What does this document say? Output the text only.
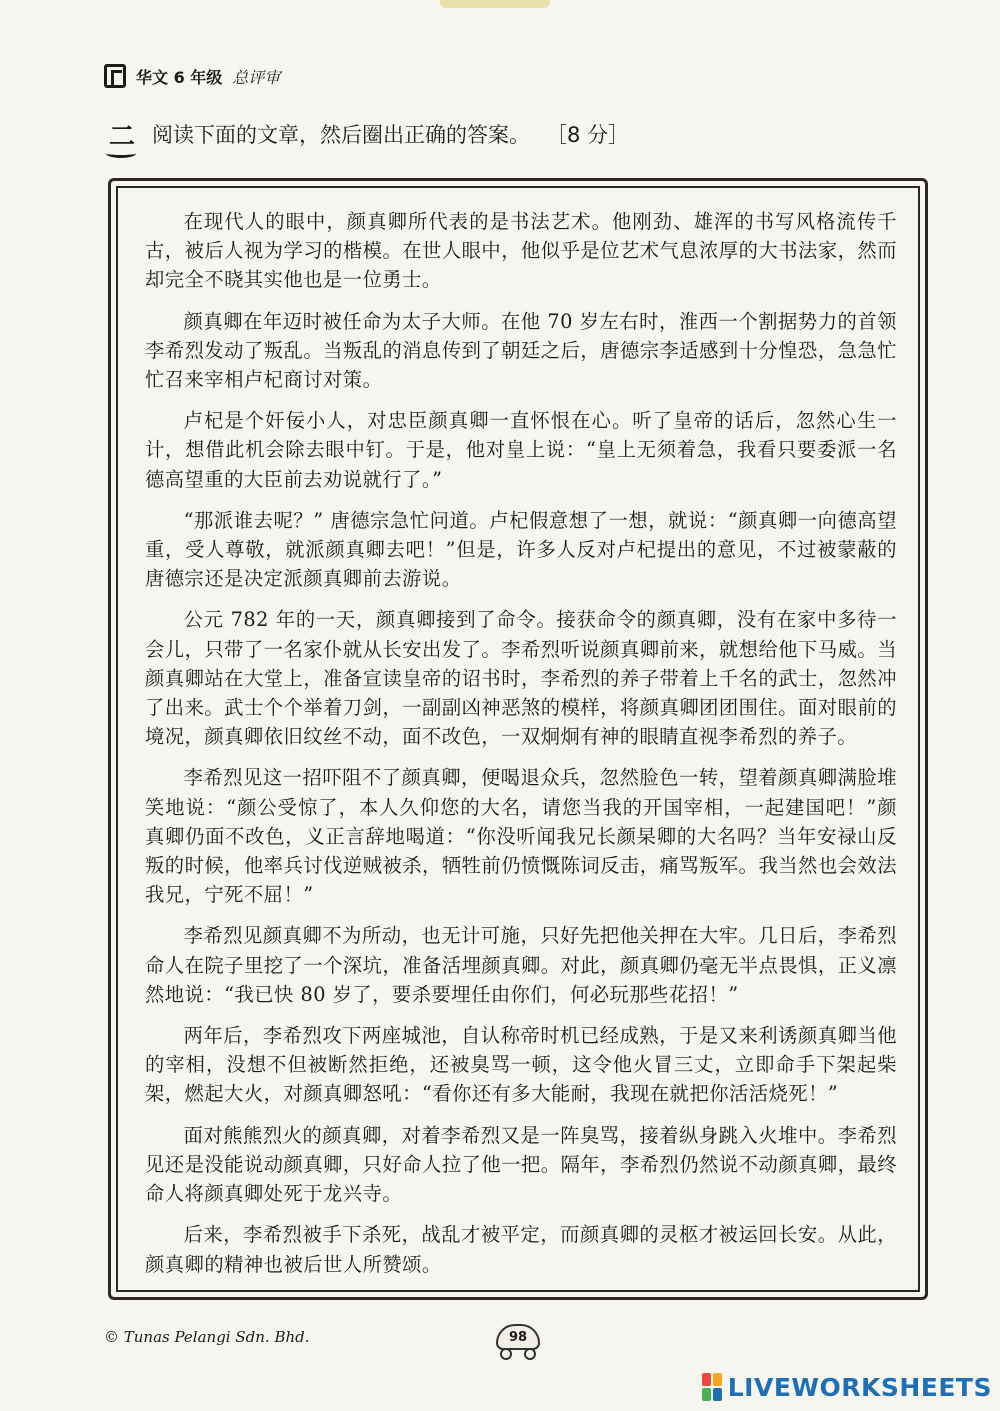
华文 6 年级 总评审
二 阅读下面的文章，然后圈出正确的答案。 ［8 分］

在现代人的眼中，颜真卿所代表的是书法艺术。他刚劲、雄浑的书写风格流传千古，被后人视为学习的楷模。在世人眼中，他似乎是位艺术气息浓厚的大书法家，然而却完全不晓其实他也是一位勇士。

颜真卿在年迈时被任命为太子大师。在他 70 岁左右时，淮西一个割据势力的首领李希烈发动了叛乱。当叛乱的消息传到了朝廷之后，唐德宗李适感到十分惶恐，急急忙忙召来宰相卢杞商讨对策。

卢杞是个奸佞小人，对忠臣颜真卿一直怀恨在心。听了皇帝的话后，忽然心生一计，想借此机会除去眼中钉。于是，他对皇上说：“皇上无须着急，我看只要委派一名德高望重的大臣前去劝说就行了。”

“那派谁去呢？” 唐德宗急忙问道。卢杞假意想了一想，就说：“颜真卿一向德高望重，受人尊敬，就派颜真卿去吧！”但是，许多人反对卢杞提出的意见，不过被蒙蔽的唐德宗还是决定派颜真卿前去游说。

公元 782 年的一天，颜真卿接到了命令。接获命令的颜真卿，没有在家中多待一会儿，只带了一名家仆就从长安出发了。李希烈听说颜真卿前来，就想给他下马威。当颜真卿站在大堂上，准备宣读皇帝的诏书时，李希烈的养子带着上千名的武士，忽然冲了出来。武士个个举着刀剑，一副副凶神恶煞的模样，将颜真卿团团围住。面对眼前的境况，颜真卿依旧纹丝不动，面不改色，一双炯炯有神的眼睛直视李希烈的养子。

李希烈见这一招吓阻不了颜真卿，便喝退众兵，忽然脸色一转，望着颜真卿满脸堆笑地说：“颜公受惊了，本人久仰您的大名，请您当我的开国宰相，一起建国吧！”颜真卿仍面不改色，义正言辞地喝道：“你没听闻我兄长颜杲卿的大名吗？当年安禄山反叛的时候，他率兵讨伐逆贼被杀，牺牲前仍愤慨陈词反击，痛骂叛军。我当然也会效法我兄，宁死不屈！”

李希烈见颜真卿不为所动，也无计可施，只好先把他关押在大牢。几日后，李希烈命人在院子里挖了一个深坑，准备活埋颜真卿。对此，颜真卿仍毫无半点畏惧，正义凛然地说：“我已快 80 岁了，要杀要埋任由你们，何必玩那些花招！”

两年后，李希烈攻下两座城池，自认称帝时机已经成熟，于是又来利诱颜真卿当他的宰相，没想不但被断然拒绝，还被臭骂一顿，这令他火冒三丈，立即命手下架起柴架，燃起大火，对颜真卿怒吼：“看你还有多大能耐，我现在就把你活活烧死！”

面对熊熊烈火的颜真卿，对着李希烈又是一阵臭骂，接着纵身跳入火堆中。李希烈见还是没能说动颜真卿，只好命人拉了他一把。隔年，李希烈仍然说不动颜真卿，最终命人将颜真卿处死于龙兴寺。

后来，李希烈被手下杀死，战乱才被平定，而颜真卿的灵柩才被运回长安。从此，颜真卿的精神也被后世人所赞颂。

© Tunas Pelangi Sdn. Bhd.	98
LIVEWORKSHEETS
